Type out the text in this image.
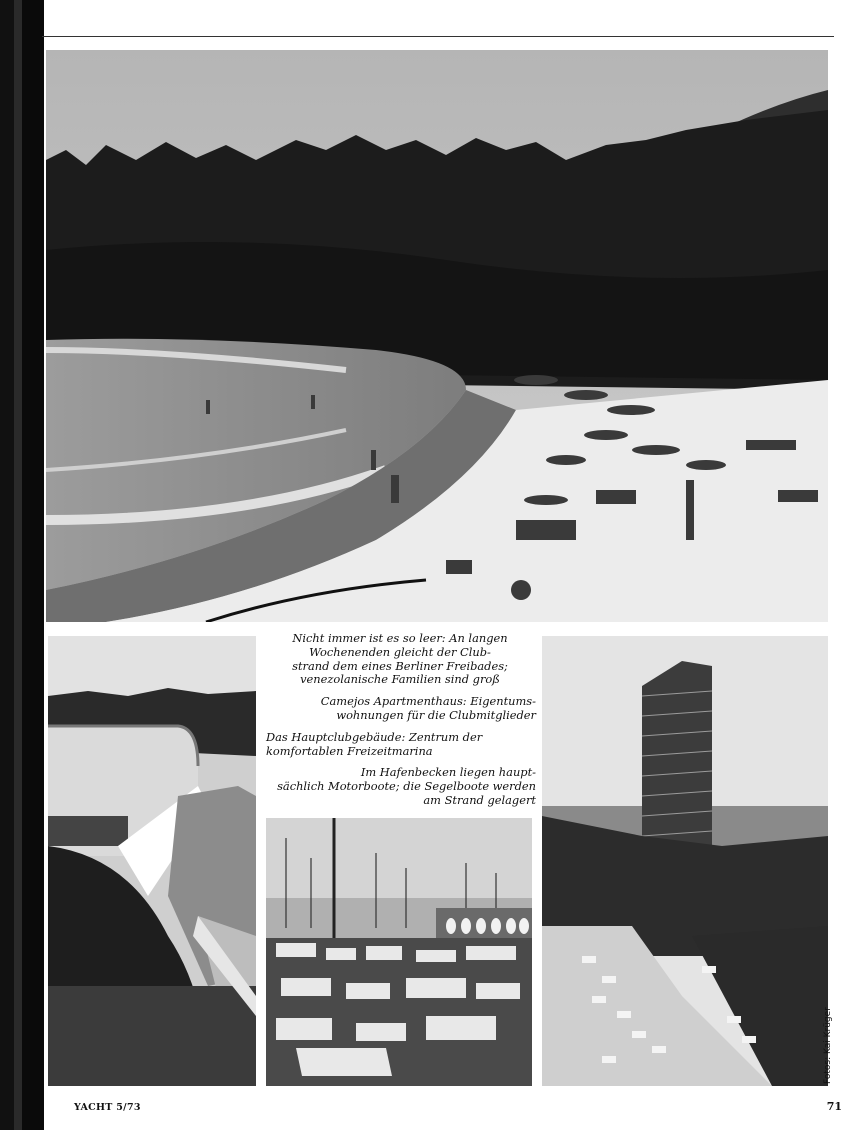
Nicht immer ist es so leer: An langen
Wochenenden gleicht der Club-
strand dem eines Berliner Freibades;
venezolanische Familien sind groß

Camejos Apartmenthaus: Eigentums-
wohnungen für die Clubmitglieder

Das Hauptclubgebäude: Zentrum der
komfortablen Freizeitmarina

Im Hafenbecken liegen haupt-
sächlich Motorboote; die Segelboote werden
am Strand gelagert

Fotos: Kai Krüger
YACHT 5/73	71
